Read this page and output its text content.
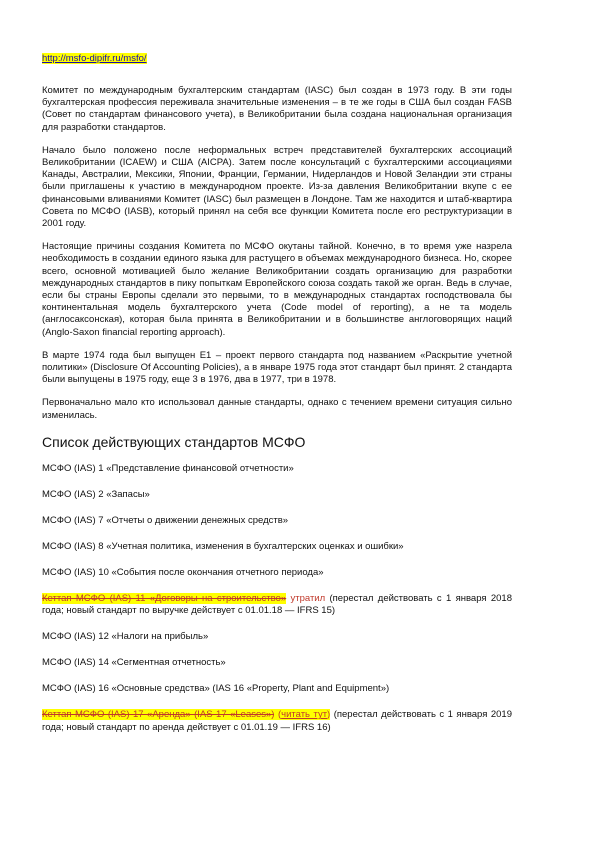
http://msfo-dipifr.ru/msfo/

Комитет по международным бухгалтерским стандартам (IASC) был создан в 1973 году. В эти годы бухгалтерская профессия переживала значительные изменения – в те же годы в США был создан FASB (Совет по стандартам финансового учета), в Великобритании была создана национальная организация для разработки стандартов.

Начало было положено после неформальных встреч представителей бухгалтерских ассоциаций Великобритании (ICAEW) и США (AICPA). Затем после консультаций с бухгалтерскими ассоциациями Канады, Австралии, Мексики, Японии, Франции, Германии, Нидерландов и Новой Зеландии эти страны были приглашены к участию в международном проекте. Из-за давления Великобритании вкупе с ее финансовыми вливаниями Комитет (IASC) был размещен в Лондоне. Там же находится и штаб-квартира Совета по МСФО (IASB), который принял на себя все функции Комитета после его реструктуризации в 2001 году.

Настоящие причины создания Комитета по МСФО окутаны тайной. Конечно, в то время уже назрела необходимость в создании единого языка для растущего в объемах международного бизнеса. Но, скорее всего, основной мотивацией было желание Великобритании создать организацию для разработки международных стандартов в пику попыткам Европейского союза создать такой же орган. Ведь в случае, если бы страны Европы сделали это первыми, то в международных стандартах господствовала бы континентальная модель бухгалтерского учета (Code model of reporting), а не та модель (англосаксонская), которая была принята в Великобритании и в большинстве англоговорящих наций (Anglo-Saxon financial reporting approach).

В марте 1974 года был выпущен E1 – проект первого стандарта под названием «Раскрытие учетной политики» (Disclosure Of Accounting Policies), а в январе 1975 года этот стандарт был принят. 2 стандарта были выпущены в 1975 году, еще 3 в 1976, два в 1977, три в 1978.

Первоначально мало кто использовал данные стандарты, однако с течением времени ситуация сильно изменилась.

Список действующих стандартов МСФО
МСФО (IAS) 1 «Представление финансовой отчетности»
МСФО (IAS) 2 «Запасы»
МСФО (IAS) 7 «Отчеты о движении денежных средств»
МСФО (IAS) 8 «Учетная политика, изменения в бухгалтерских оценках и ошибки»
МСФО (IAS) 10 «События после окончания отчетного периода»
Кеттап МСФО (IAS) 11 «Договоры на строительство» утратил (перестал действовать с 1 января 2018 года; новый стандарт по выручке действует с 01.01.18 — IFRS 15)
МСФО (IAS) 12 «Налоги на прибыль»
МСФО (IAS) 14 «Сегментная отчетность»
МСФО (IAS) 16 «Основные средства» (IAS 16 «Property, Plant and Equipment»)
Кеттап МСФО (IAS) 17 «Аренда» (IAS 17 «Leases») (читать тут) (перестал действовать с 1 января 2019 года; новый стандарт по аренда действует с 01.01.19 — IFRS 16)
